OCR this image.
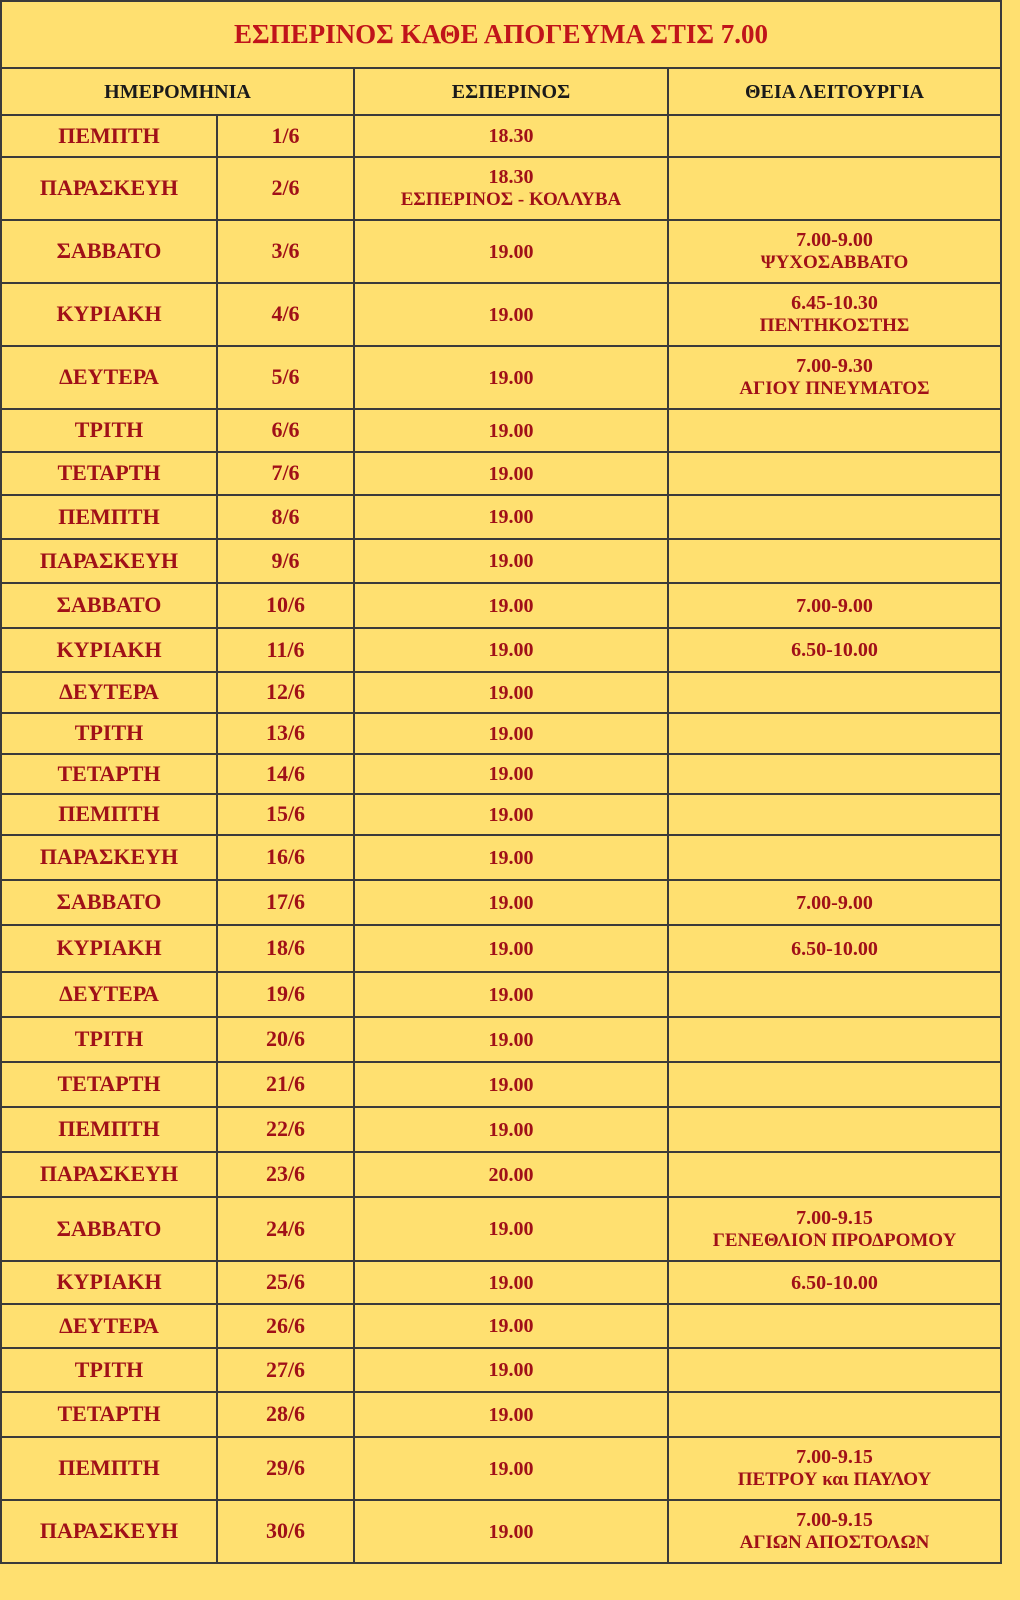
ΕΣΠΕΡΙΝΟΣ ΚΑΘΕ ΑΠΟΓΕΥΜΑ ΣΤΙΣ 7.00			
ΗΜΕΡΟΜΗΝΙΑ		ΕΣΠΕΡΙΝΟΣ	ΘΕΙΑ ΛΕΙΤΟΥΡΓΙΑ

ΠΕΜΠΤΗ	1/6	18.30	

ΠΑΡΑΣΚΕΥΗ	2/6	18.30
ΕΣΠΕΡΙΝΟΣ - ΚΟΛΛΥΒΑ	

ΣΑΒΒΑΤΟ	3/6	19.00	7.00-9.00
ΨΥΧΟΣΑΒΒΑΤΟ

ΚΥΡΙΑΚΗ	4/6	19.00	6.45-10.30
ΠΕΝΤΗΚΟΣΤΗΣ

ΔΕΥΤΕΡΑ	5/6	19.00	7.00-9.30
ΑΓΙΟΥ ΠΝΕΥΜΑΤΟΣ

ΤΡΙΤΗ	6/6	19.00	

ΤΕΤΑΡΤΗ	7/6	19.00	

ΠΕΜΠΤΗ	8/6	19.00	

ΠΑΡΑΣΚΕΥΗ	9/6	19.00	

ΣΑΒΒΑΤΟ	10/6	19.00	7.00-9.00

ΚΥΡΙΑΚΗ	11/6	19.00	6.50-10.00

ΔΕΥΤΕΡΑ	12/6	19.00	

ΤΡΙΤΗ	13/6	19.00	

ΤΕΤΑΡΤΗ	14/6	19.00	

ΠΕΜΠΤΗ	15/6	19.00	

ΠΑΡΑΣΚΕΥΗ	16/6	19.00	

ΣΑΒΒΑΤΟ	17/6	19.00	7.00-9.00

ΚΥΡΙΑΚΗ	18/6	19.00	6.50-10.00

ΔΕΥΤΕΡΑ	19/6	19.00	

ΤΡΙΤΗ	20/6	19.00	

ΤΕΤΑΡΤΗ	21/6	19.00	

ΠΕΜΠΤΗ	22/6	19.00	

ΠΑΡΑΣΚΕΥΗ	23/6	20.00	

ΣΑΒΒΑΤΟ	24/6	19.00	7.00-9.15
ΓΕΝΕΘΛΙΟΝ ΠΡΟΔΡΟΜΟΥ

ΚΥΡΙΑΚΗ	25/6	19.00	6.50-10.00

ΔΕΥΤΕΡΑ	26/6	19.00	

ΤΡΙΤΗ	27/6	19.00	

ΤΕΤΑΡΤΗ	28/6	19.00	

ΠΕΜΠΤΗ	29/6	19.00	7.00-9.15
ΠΕΤΡΟΥ και ΠΑΥΛΟΥ

ΠΑΡΑΣΚΕΥΗ	30/6	19.00	7.00-9.15
ΑΓΙΩΝ ΑΠΟΣΤΟΛΩΝ
